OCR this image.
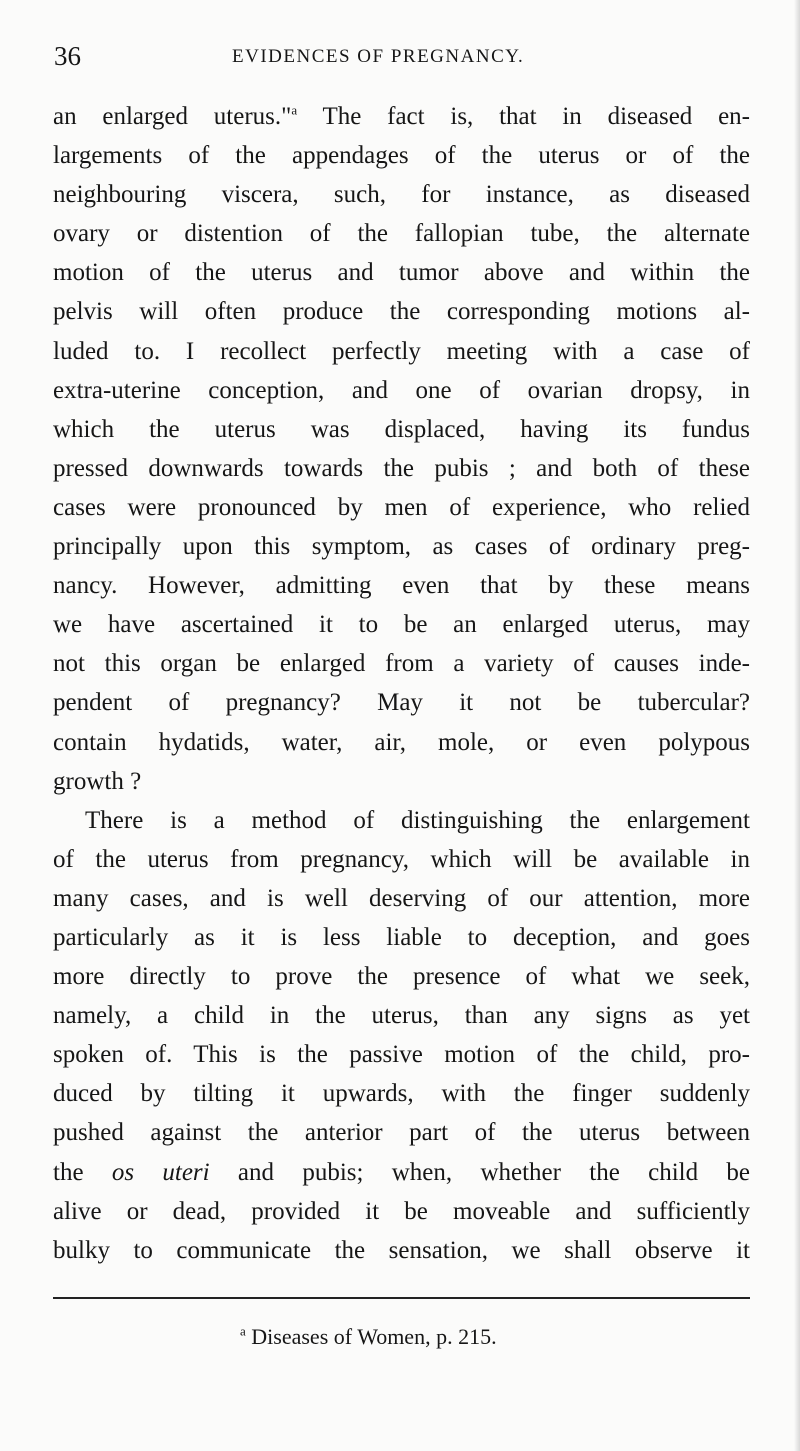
36	EVIDENCES OF PREGNANCY.
an enlarged uterus."$^a$ The fact is, that in diseased en-
largements of the appendages of the uterus or of the
neighbouring viscera, such, for instance, as diseased
ovary or distention of the fallopian tube, the alternate
motion of the uterus and tumor above and within the
pelvis will often produce the corresponding motions al-
luded to. I recollect perfectly meeting with a case of
extra-uterine conception, and one of ovarian dropsy, in
which the uterus was displaced, having its fundus
pressed downwards towards the pubis ; and both of these
cases were pronounced by men of experience, who relied
principally upon this symptom, as cases of ordinary preg-
nancy. However, admitting even that by these means
we have ascertained it to be an enlarged uterus, may
not this organ be enlarged from a variety of causes inde-
pendent of pregnancy? May it not be tubercular?
contain hydatids, water, air, mole, or even polypous
growth ?
There is a method of distinguishing the enlargement
of the uterus from pregnancy, which will be available in
many cases, and is well deserving of our attention, more
particularly as it is less liable to deception, and goes
more directly to prove the presence of what we seek,
namely, a child in the uterus, than any signs as yet
spoken of. This is the passive motion of the child, pro-
duced by tilting it upwards, with the finger suddenly
pushed against the anterior part of the uterus between
the os uteri and pubis; when, whether the child be
alive or dead, provided it be moveable and sufficiently
bulky to communicate the sensation, we shall observe it
$^a$ Diseases of Women, p. 215.
